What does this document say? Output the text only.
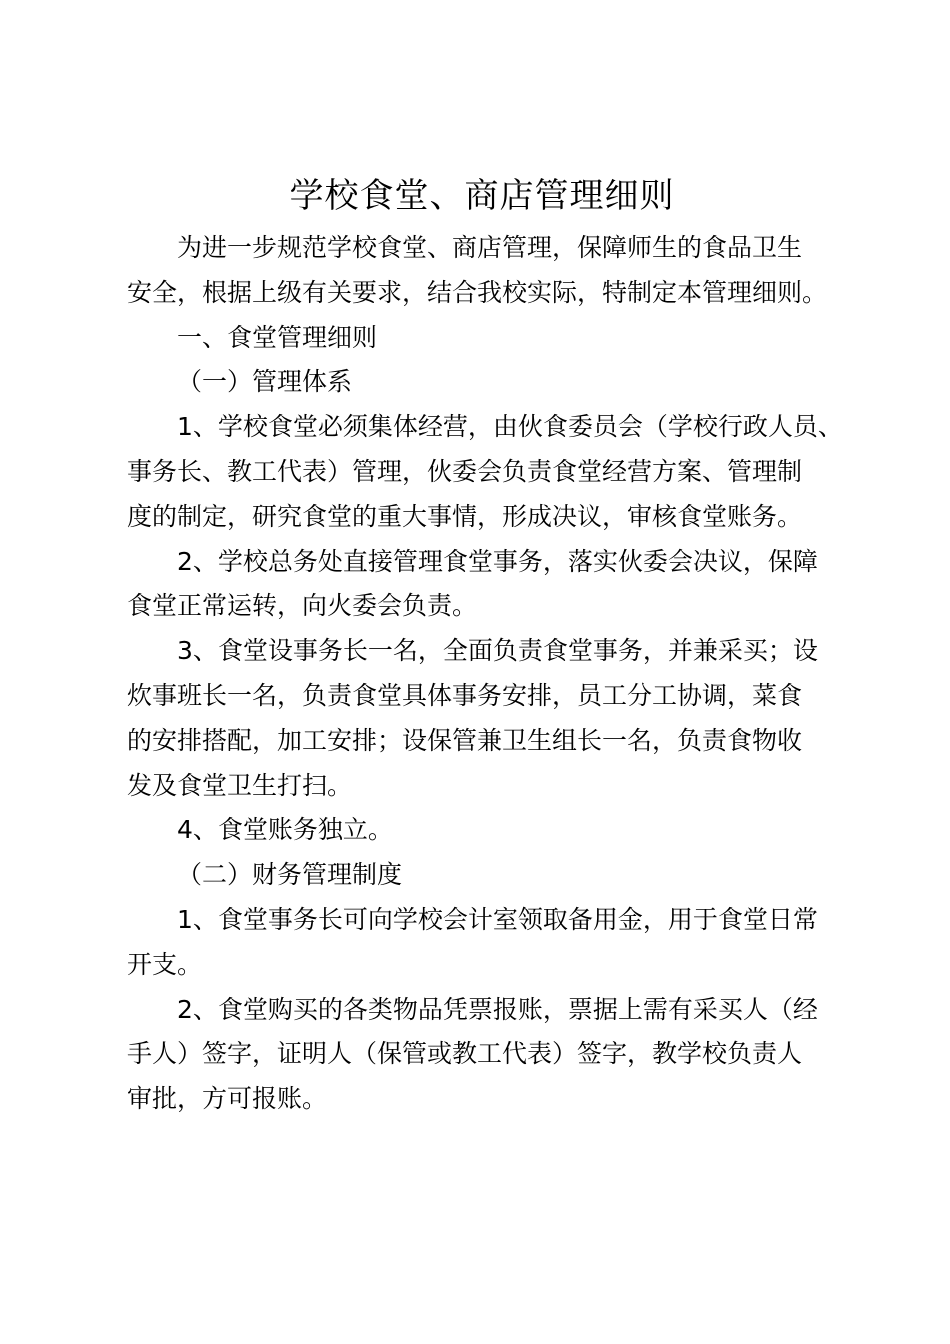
学校食堂、商店管理细则

为进一步规范学校食堂、商店管理，保障师生的食品卫生
安全，根据上级有关要求，结合我校实际，特制定本管理细则。

一、食堂管理细则

（一）管理体系

1、学校食堂必须集体经营，由伙食委员会（学校行政人员、
事务长、教工代表）管理，伙委会负责食堂经营方案、管理制
度的制定，研究食堂的重大事情，形成决议，审核食堂账务。

2、学校总务处直接管理食堂事务，落实伙委会决议，保障
食堂正常运转，向火委会负责。

3、食堂设事务长一名，全面负责食堂事务，并兼采买；设
炊事班长一名，负责食堂具体事务安排，员工分工协调，菜食
的安排搭配，加工安排；设保管兼卫生组长一名，负责食物收
发及食堂卫生打扫。

4、食堂账务独立。

（二）财务管理制度

1、食堂事务长可向学校会计室领取备用金，用于食堂日常
开支。

2、食堂购买的各类物品凭票报账，票据上需有采买人（经
手人）签字，证明人（保管或教工代表）签字，教学校负责人
审批，方可报账。
